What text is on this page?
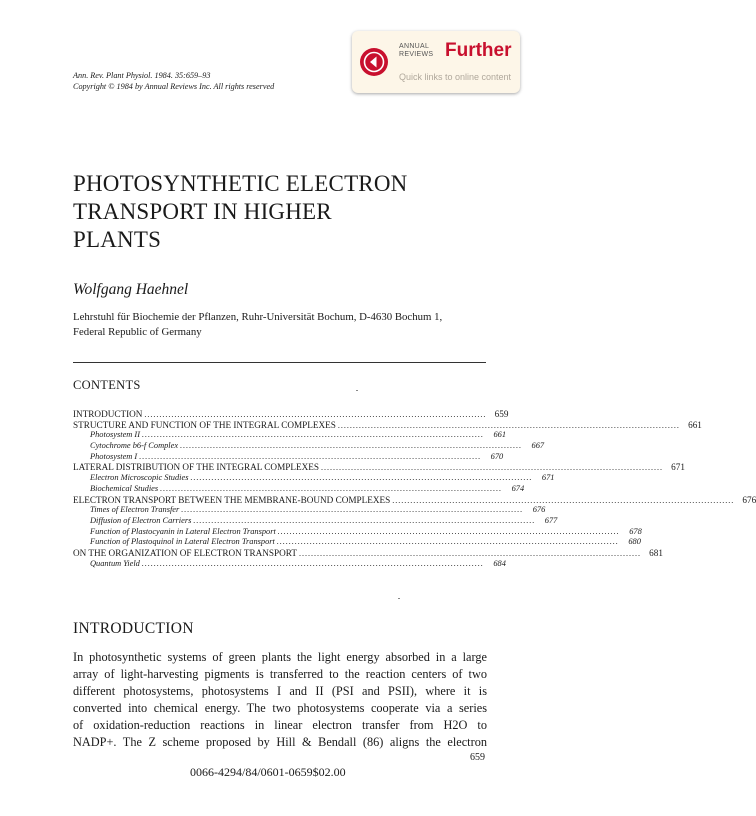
Ann. Rev. Plant Physiol. 1984. 35:659–93
Copyright © 1984 by Annual Reviews Inc. All rights reserved
ANNUAL
REVIEWS Further
Quick links to online content
PHOTOSYNTHETIC ELECTRON
TRANSPORT IN HIGHER
PLANTS
Wolfgang Haehnel
Lehrstuhl für Biochemie der Pflanzen, Ruhr-Universität Bochum, D-4630 Bochum 1,
Federal Republic of Germany
CONTENTS
INTRODUCTION .................................................................................................................. 659
STRUCTURE AND FUNCTION OF THE INTEGRAL COMPLEXES .................................................................................................................. 661
Photosystem II ..................................................................................................................	661
Cytochrome b6-f Complex ..................................................................................................................	667
Photosystem I ..................................................................................................................	670
LATERAL DISTRIBUTION OF THE INTEGRAL COMPLEXES .................................................................................................................. 671
Electron Microscopic Studies ..................................................................................................................	671
Biochemical Studies ..................................................................................................................	674
ELECTRON TRANSPORT BETWEEN THE MEMBRANE-BOUND COMPLEXES .................................................................................................................. 676
Times of Electron Transfer ..................................................................................................................	676
Diffusion of Electron Carriers ..................................................................................................................	677
Function of Plastocyanin in Lateral Electron Transport ..................................................................................................................	678
Function of Plastoquinol in Lateral Electron Transport ..................................................................................................................	680
ON THE ORGANIZATION OF ELECTRON TRANSPORT .................................................................................................................. 681
Quantum Yield ..................................................................................................................	684
INTRODUCTION
In photosynthetic systems of green plants the light energy absorbed in a large
array of light-harvesting pigments is transferred to the reaction centers of two
different photosystems, photosystems I and II (PSI and PSII), where it is
converted into chemical energy. The two photosystems cooperate via a series
of oxidation-reduction reactions in linear electron transfer from H2O to
NADP+. The Z scheme proposed by Hill & Bendall (86) aligns the electron
659
0066-4294/84/0601-0659$02.00
